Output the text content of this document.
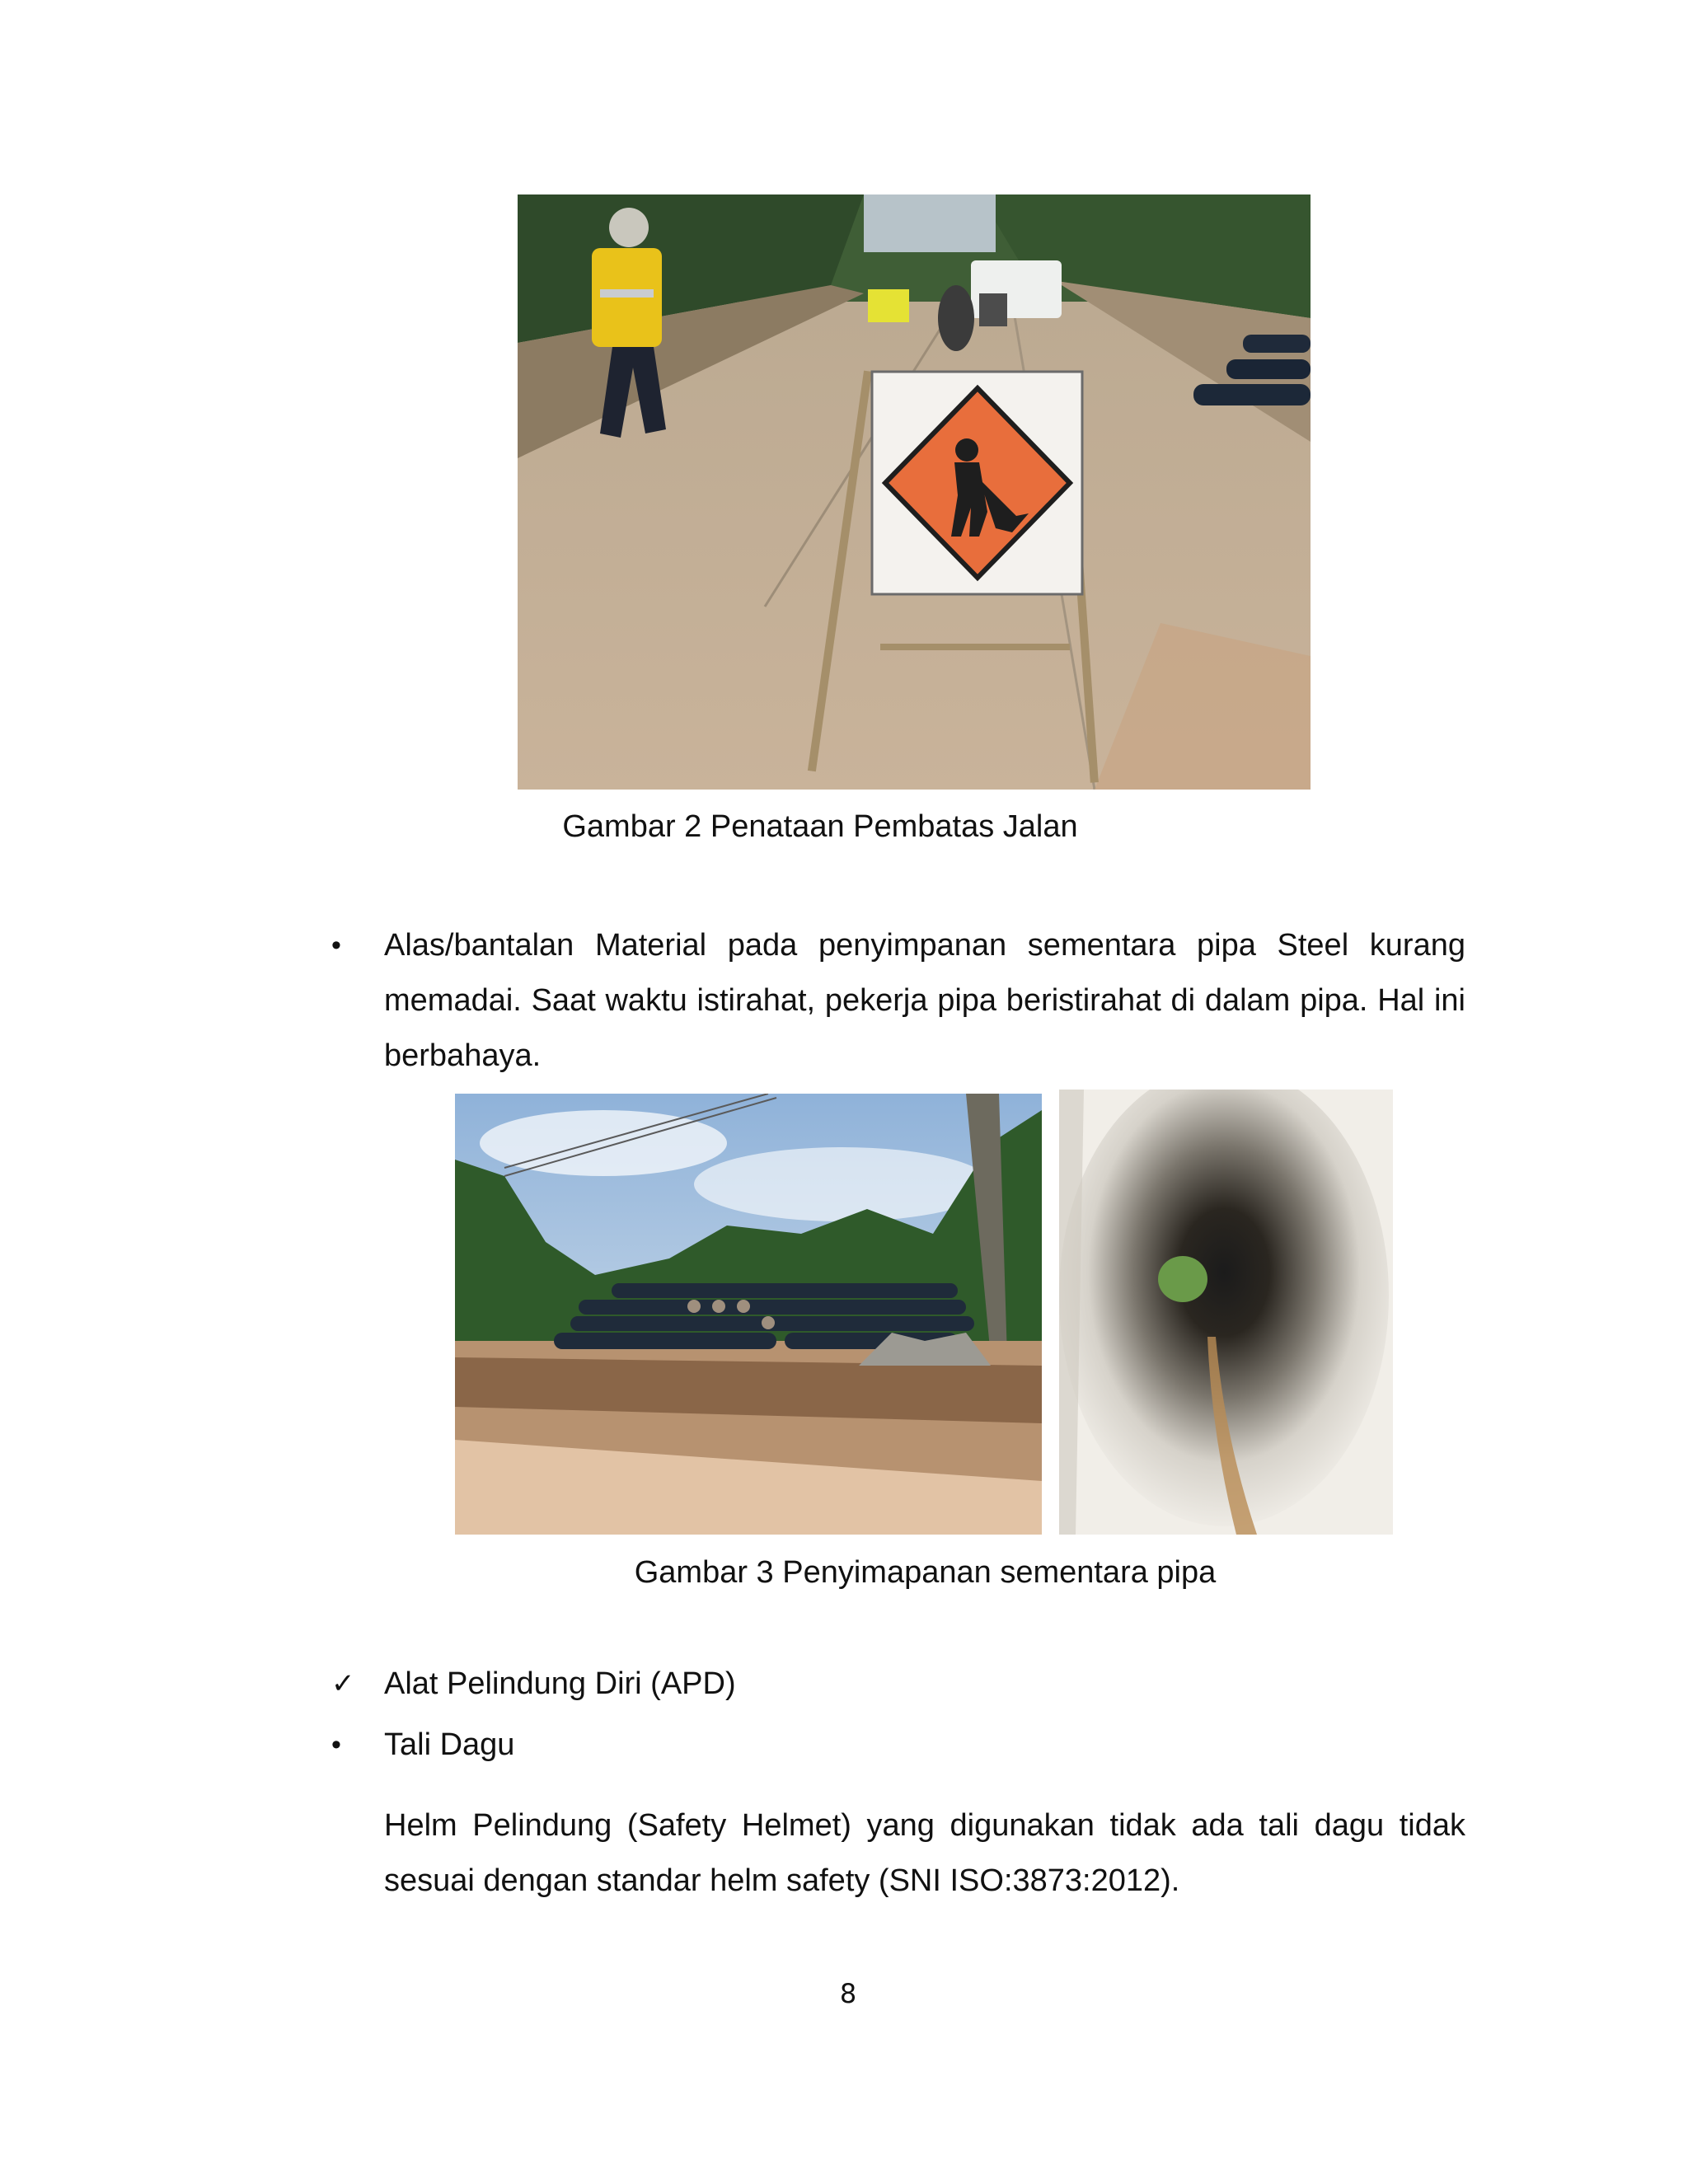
Gambar 2 Penataan Pembatas Jalan
• Alas/bantalan Material pada penyimpanan sementara pipa Steel kurang memadai. Saat waktu istirahat, pekerja pipa beristirahat di dalam pipa. Hal ini berbahaya.
Gambar 3 Penyimapanan sementara pipa
✓ Alat Pelindung Diri (APD)
• Tali Dagu
Helm Pelindung (Safety Helmet) yang digunakan tidak ada tali dagu tidak sesuai dengan standar helm safety (SNI ISO:3873:2012).
8
